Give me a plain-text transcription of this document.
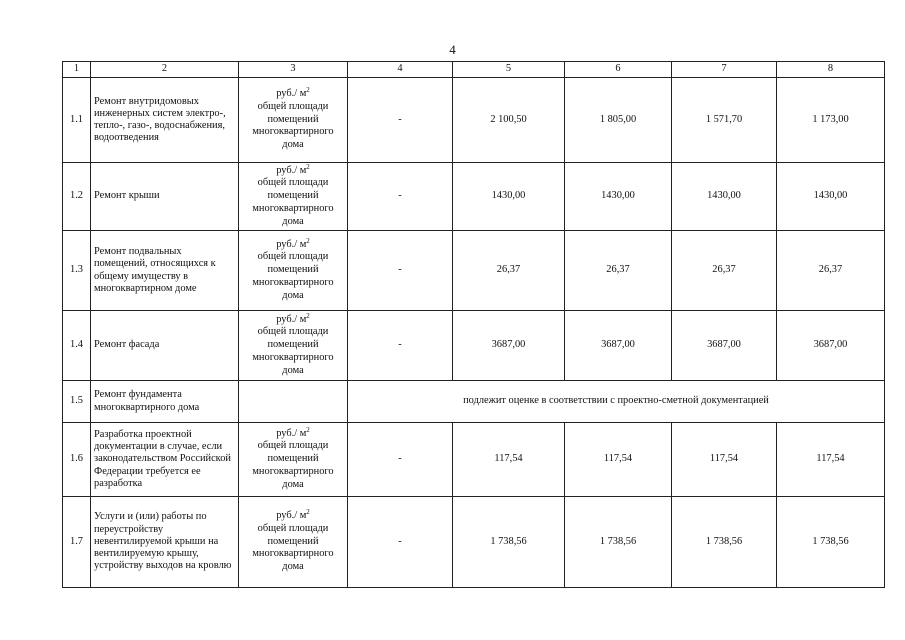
4
1	2	3	4	5	6	7	8
1.1	Ремонт внутридомовых инженерных систем электро-, тепло-, газо-, водоснабжения, водоотведения	руб./ $м^2$
общей площади
помещений
многоквартирного
дома	-	2 100,50	1 805,00	1 571,70	1 173,00
1.2	Ремонт крыши	руб./ $м^2$
общей площади
помещений
многоквартирного
дома	-	1430,00	1430,00	1430,00	1430,00
1.3	Ремонт подвальных помещений, относящихся к общему имуществу в многоквартирном доме	руб./ $м^2$
общей площади
помещений
многоквартирного
дома	-	26,37	26,37	26,37	26,37
1.4	Ремонт фасада	руб./ $м^2$
общей площади
помещений
многоквартирного
дома	-	3687,00	3687,00	3687,00	3687,00
1.5	Ремонт фундамента многоквартирного дома		подлежит оценке в соответствии с проектно-сметной документацией				
1.6	Разработка проектной документации в случае, если законодательством Российской Федерации требуется ее разработка	руб./ $м^2$
общей площади
помещений
многоквартирного
дома	-	117,54	117,54	117,54	117,54
1.7	Услуги и (или) работы по переустройству невентилируемой крыши на вентилируемую крышу, устройству выходов на кровлю	руб./ $м^2$
общей площади
помещений
многоквартирного
дома	-	1 738,56	1 738,56	1 738,56	1 738,56
